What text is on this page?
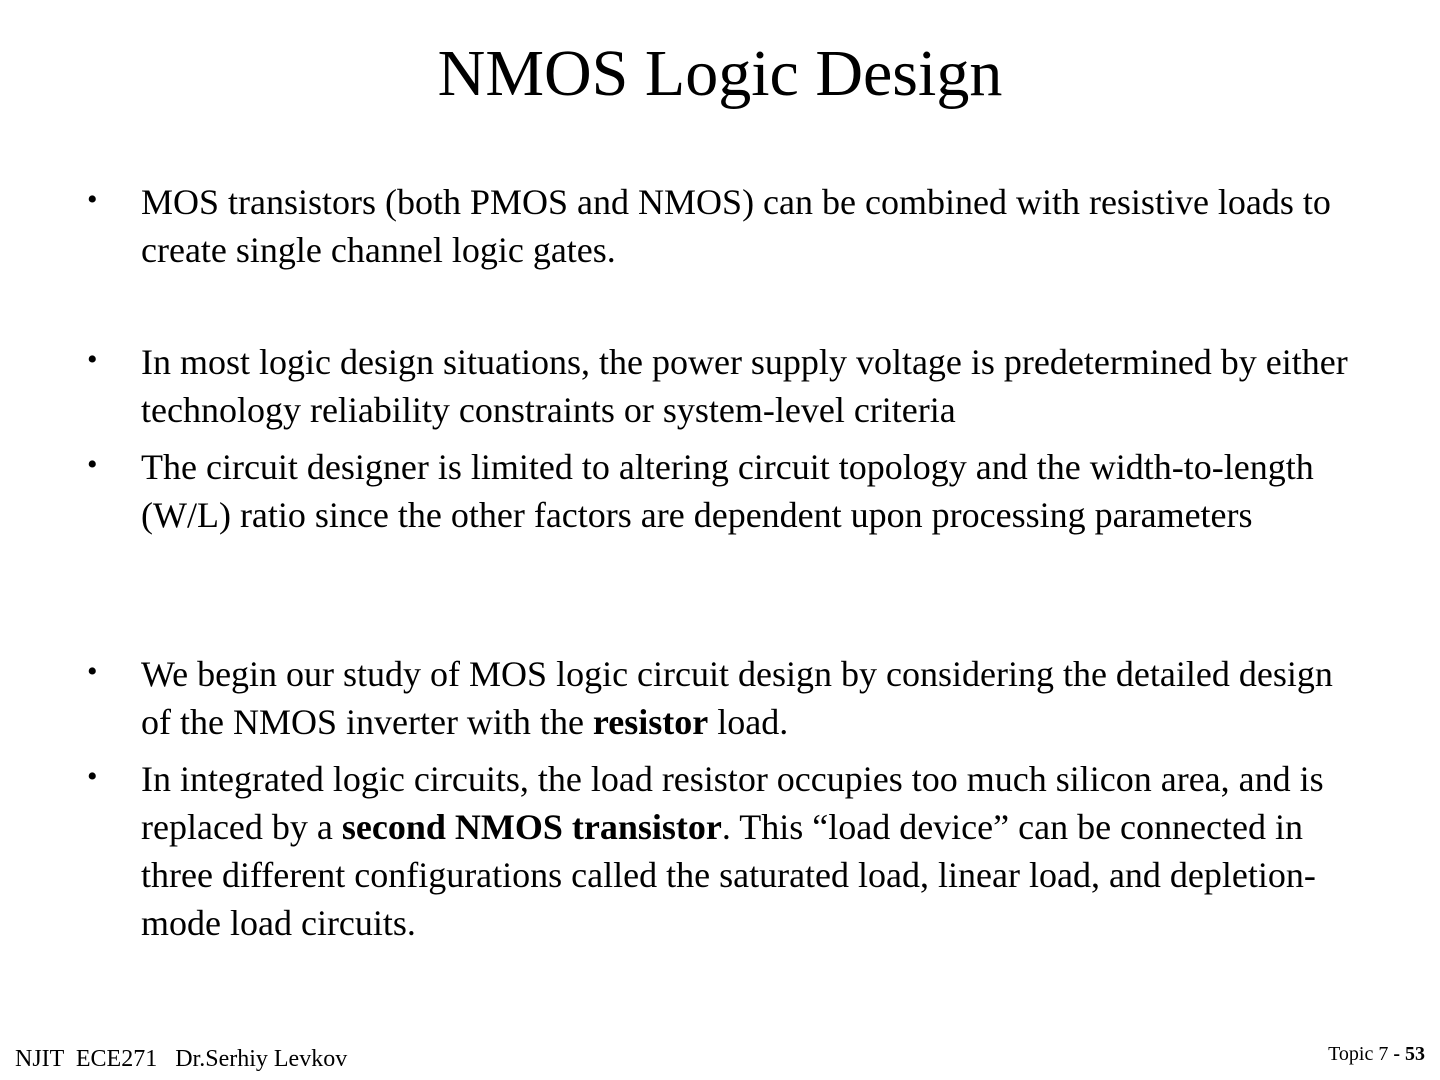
NMOS Logic Design
• MOS transistors (both PMOS and NMOS) can be combined with resistive loads to create single channel logic gates.
• In most logic design situations, the power supply voltage is predetermined by either technology reliability constraints or system-level criteria
• The circuit designer is limited to altering circuit topology and the width-to-length (W/L) ratio since the other factors are dependent upon processing parameters
• We begin our study of MOS logic circuit design by considering the detailed design of the NMOS inverter with the resistor load.
• In integrated logic circuits, the load resistor occupies too much silicon area, and is replaced by a second NMOS transistor. This “load device” can be connected in three different configurations called the saturated load, linear load, and depletion-mode load circuits.
NJIT  ECE271   Dr.Serhiy Levkov	Topic 7 - 53
